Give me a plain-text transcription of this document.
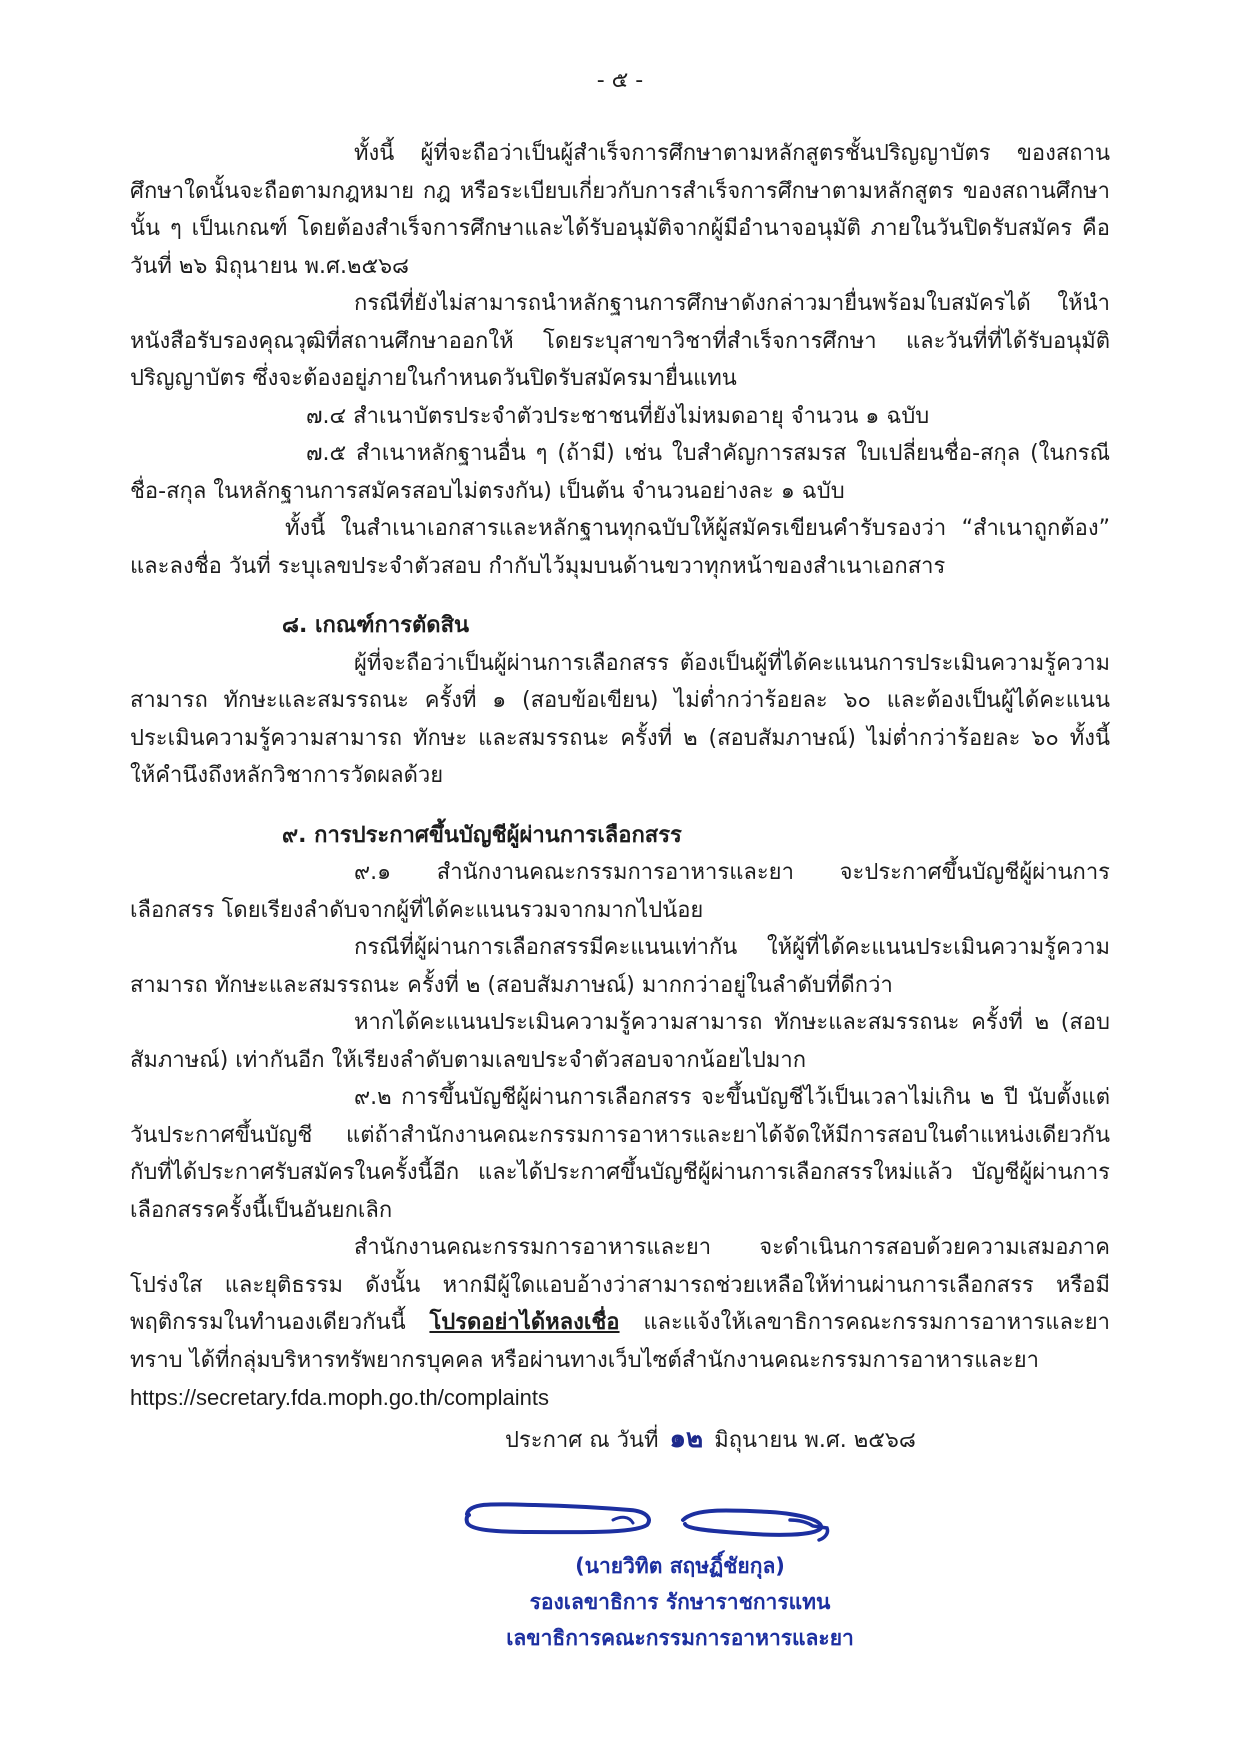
- ๕ -

ทั้งนี้ ผู้ที่จะถือว่าเป็นผู้สำเร็จการศึกษาตามหลักสูตรชั้นปริญญาบัตร ของสถานศึกษาใดนั้นจะถือตามกฎหมาย กฎ หรือระเบียบเกี่ยวกับการสำเร็จการศึกษาตามหลักสูตร ของสถานศึกษานั้น ๆ เป็นเกณฑ์ โดยต้องสำเร็จการศึกษาและได้รับอนุมัติจากผู้มีอำนาจอนุมัติ ภายในวันปิดรับสมัคร คือ วันที่ ๒๖ มิถุนายน พ.ศ.๒๕๖๘

กรณีที่ยังไม่สามารถนำหลักฐานการศึกษาดังกล่าวมายื่นพร้อมใบสมัครได้ ให้นำหนังสือรับรองคุณวุฒิที่สถานศึกษาออกให้ โดยระบุสาขาวิชาที่สำเร็จการศึกษา และวันที่ที่ได้รับอนุมัติปริญญาบัตร ซึ่งจะต้องอยู่ภายในกำหนดวันปิดรับสมัครมายื่นแทน

๗.๔ สำเนาบัตรประจำตัวประชาชนที่ยังไม่หมดอายุ จำนวน ๑ ฉบับ

๗.๕ สำเนาหลักฐานอื่น ๆ (ถ้ามี) เช่น ใบสำคัญการสมรส ใบเปลี่ยนชื่อ-สกุล (ในกรณีชื่อ-สกุล ในหลักฐานการสมัครสอบไม่ตรงกัน) เป็นต้น จำนวนอย่างละ ๑ ฉบับ

ทั้งนี้ ในสำเนาเอกสารและหลักฐานทุกฉบับให้ผู้สมัครเขียนคำรับรองว่า “สำเนาถูกต้อง” และลงชื่อ วันที่ ระบุเลขประจำตัวสอบ กำกับไว้มุมบนด้านขวาทุกหน้าของสำเนาเอกสาร

๘. เกณฑ์การตัดสิน

ผู้ที่จะถือว่าเป็นผู้ผ่านการเลือกสรร ต้องเป็นผู้ที่ได้คะแนนการประเมินความรู้ความสามารถ ทักษะและสมรรถนะ ครั้งที่ ๑ (สอบข้อเขียน) ไม่ต่ำกว่าร้อยละ ๖๐ และต้องเป็นผู้ได้คะแนนประเมินความรู้ความสามารถ ทักษะ และสมรรถนะ ครั้งที่ ๒ (สอบสัมภาษณ์) ไม่ต่ำกว่าร้อยละ ๖๐ ทั้งนี้ ให้คำนึงถึงหลักวิชาการวัดผลด้วย

๙. การประกาศขึ้นบัญชีผู้ผ่านการเลือกสรร

๙.๑ สำนักงานคณะกรรมการอาหารและยา จะประกาศขึ้นบัญชีผู้ผ่านการเลือกสรร โดยเรียงลำดับจากผู้ที่ได้คะแนนรวมจากมากไปน้อย

กรณีที่ผู้ผ่านการเลือกสรรมีคะแนนเท่ากัน ให้ผู้ที่ได้คะแนนประเมินความรู้ความสามารถ ทักษะและสมรรถนะ ครั้งที่ ๒ (สอบสัมภาษณ์) มากกว่าอยู่ในลำดับที่ดีกว่า

หากได้คะแนนประเมินความรู้ความสามารถ ทักษะและสมรรถนะ ครั้งที่ ๒ (สอบสัมภาษณ์) เท่ากันอีก ให้เรียงลำดับตามเลขประจำตัวสอบจากน้อยไปมาก

๙.๒ การขึ้นบัญชีผู้ผ่านการเลือกสรร จะขึ้นบัญชีไว้เป็นเวลาไม่เกิน ๒ ปี นับตั้งแต่วันประกาศขึ้นบัญชี แต่ถ้าสำนักงานคณะกรรมการอาหารและยาได้จัดให้มีการสอบในตำแหน่งเดียวกันกับที่ได้ประกาศรับสมัครในครั้งนี้อีก และได้ประกาศขึ้นบัญชีผู้ผ่านการเลือกสรรใหม่แล้ว บัญชีผู้ผ่านการเลือกสรรครั้งนี้เป็นอันยกเลิก

สำนักงานคณะกรรมการอาหารและยา จะดำเนินการสอบด้วยความเสมอภาค โปร่งใส และยุติธรรม ดังนั้น หากมีผู้ใดแอบอ้างว่าสามารถช่วยเหลือให้ท่านผ่านการเลือกสรร หรือมีพฤติกรรมในทำนองเดียวกันนี้ โปรดอย่าได้หลงเชื่อ และแจ้งให้เลขาธิการคณะกรรมการอาหารและยาทราบ ได้ที่กลุ่มบริหารทรัพยากรบุคคล หรือผ่านทางเว็บไซต์สำนักงานคณะกรรมการอาหารและยา
https://secretary.fda.moph.go.th/complaints

ประกาศ ณ วันที่ ๑๒ มิถุนายน พ.ศ. ๒๕๖๘
(นายวิทิต สฤษฏิ์ชัยกุล)
รองเลขาธิการ รักษาราชการแทน
เลขาธิการคณะกรรมการอาหารและยา
